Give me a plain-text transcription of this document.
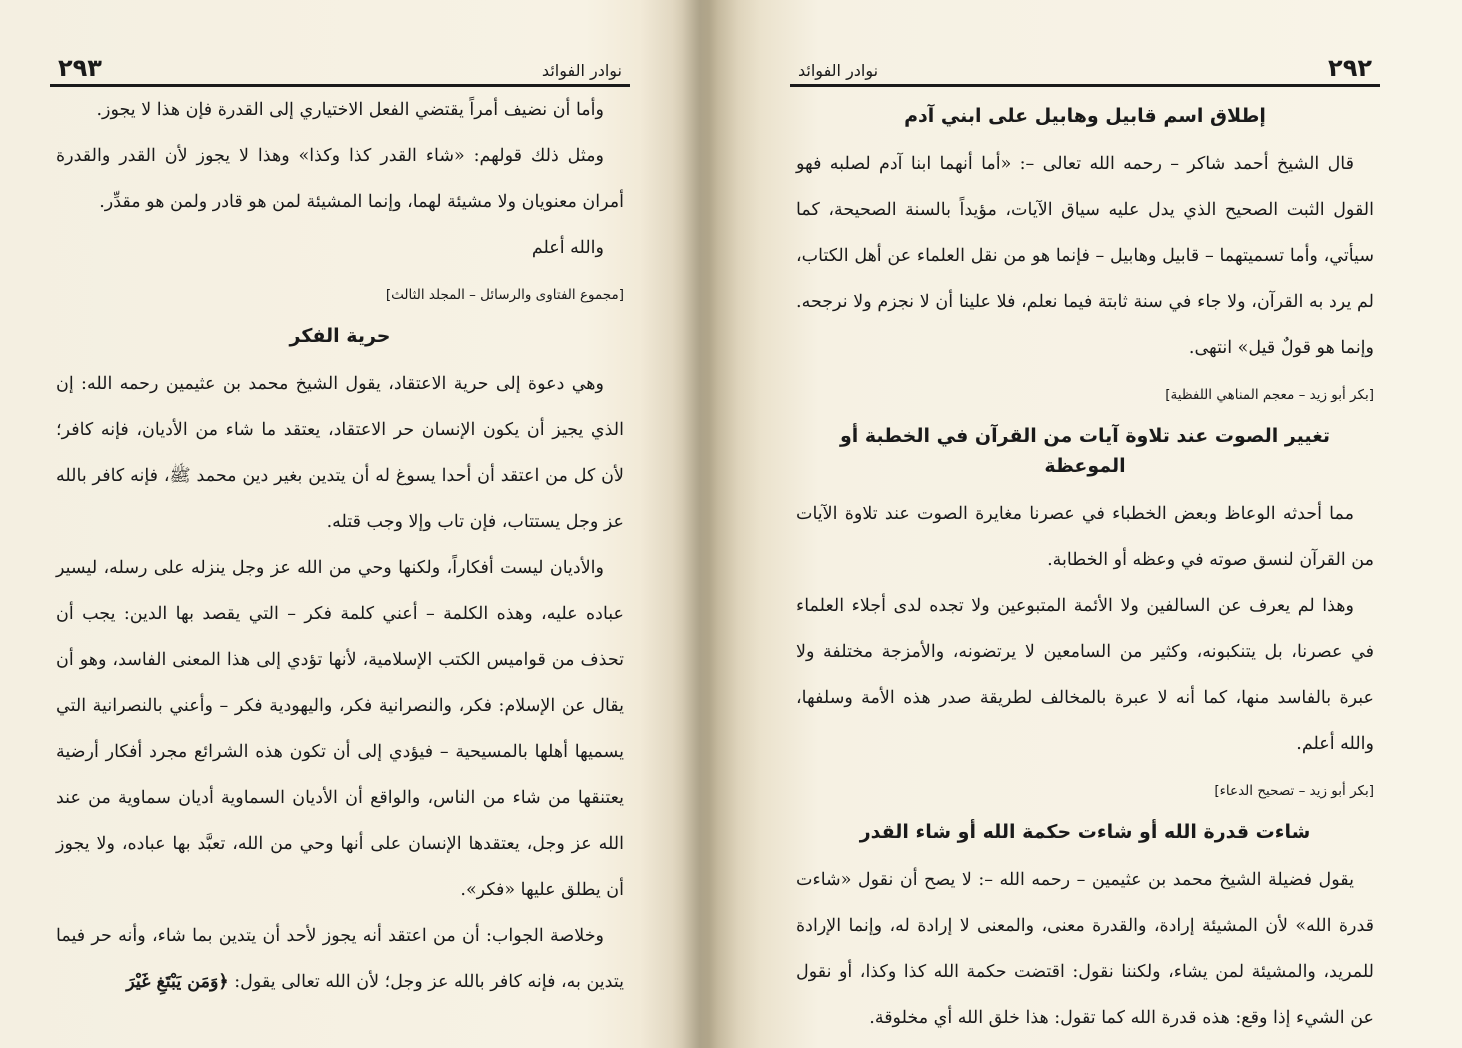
نوادر الفوائد
٢٩٣

وأما أن نضيف أمراً يقتضي الفعل الاختياري إلى القدرة فإن هذا لا يجوز.

ومثل ذلك قولهم: «شاء القدر كذا وكذا» وهذا لا يجوز لأن القدر والقدرة أمران معنويان ولا مشيئة لهما، وإنما المشيئة لمن هو قادر ولمن هو مقدِّر.

والله أعلم

[مجموع الفتاوى والرسائل – المجلد الثالث]
حرية الفكر

وهي دعوة إلى حرية الاعتقاد، يقول الشيخ محمد بن عثيمين رحمه الله: إن الذي يجيز أن يكون الإنسان حر الاعتقاد، يعتقد ما شاء من الأديان، فإنه كافر؛ لأن كل من اعتقد أن أحدا يسوغ له أن يتدين بغير دين محمد ﷺ، فإنه كافر بالله عز وجل يستتاب، فإن تاب وإلا وجب قتله.

والأديان ليست أفكاراً، ولكنها وحي من الله عز وجل ينزله على رسله، ليسير عباده عليه، وهذه الكلمة – أعني كلمة فكر – التي يقصد بها الدين: يجب أن تحذف من قواميس الكتب الإسلامية، لأنها تؤدي إلى هذا المعنى الفاسد، وهو أن يقال عن الإسلام: فكر، والنصرانية فكر، واليهودية فكر – وأعني بالنصرانية التي يسميها أهلها بالمسيحية – فيؤدي إلى أن تكون هذه الشرائع مجرد أفكار أرضية يعتنقها من شاء من الناس، والواقع أن الأديان السماوية أديان سماوية من عند الله عز وجل، يعتقدها الإنسان على أنها وحي من الله، تعبَّد بها عباده، ولا يجوز أن يطلق عليها «فكر».

وخلاصة الجواب: أن من اعتقد أنه يجوز لأحد أن يتدين بما شاء، وأنه حر فيما يتدين به، فإنه كافر بالله عز وجل؛ لأن الله تعالى يقول: ﴿وَمَن يَبْتَغِ غَيْرَ

٢٩٢
نوادر الفوائد
إطلاق اسم قابيل وهابيل على ابني آدم

قال الشيخ أحمد شاكر – رحمه الله تعالى –: «أما أنهما ابنا آدم لصلبه فهو القول الثبت الصحيح الذي يدل عليه سياق الآيات، مؤيداً بالسنة الصحيحة، كما سيأتي، وأما تسميتهما – قابيل وهابيل – فإنما هو من نقل العلماء عن أهل الكتاب، لم يرد به القرآن، ولا جاء في سنة ثابتة فيما نعلم، فلا علينا أن لا نجزم ولا نرجحه. وإنما هو قولٌ قيل» انتهى.

[بكر أبو زيد – معجم المناهي اللفظية]
تغيير الصوت عند تلاوة آيات من القرآن في الخطبة أو الموعظة

مما أحدثه الوعاظ وبعض الخطباء في عصرنا مغايرة الصوت عند تلاوة الآيات من القرآن لنسق صوته في وعظه أو الخطابة.

وهذا لم يعرف عن السالفين ولا الأئمة المتبوعين ولا تجده لدى أجلاء العلماء في عصرنا، بل يتنكبونه، وكثير من السامعين لا يرتضونه، والأمزجة مختلفة ولا عبرة بالفاسد منها، كما أنه لا عبرة بالمخالف لطريقة صدر هذه الأمة وسلفها، والله أعلم.

[بكر أبو زيد – تصحيح الدعاء]
شاءت قدرة الله أو شاءت حكمة الله أو شاء القدر

يقول فضيلة الشيخ محمد بن عثيمين – رحمه الله –: لا يصح أن نقول «شاءت قدرة الله» لأن المشيئة إرادة، والقدرة معنى، والمعنى لا إرادة له، وإنما الإرادة للمريد، والمشيئة لمن يشاء، ولكننا نقول: اقتضت حكمة الله كذا وكذا، أو نقول عن الشيء إذا وقع: هذه قدرة الله كما تقول: هذا خلق الله أي مخلوقة.
